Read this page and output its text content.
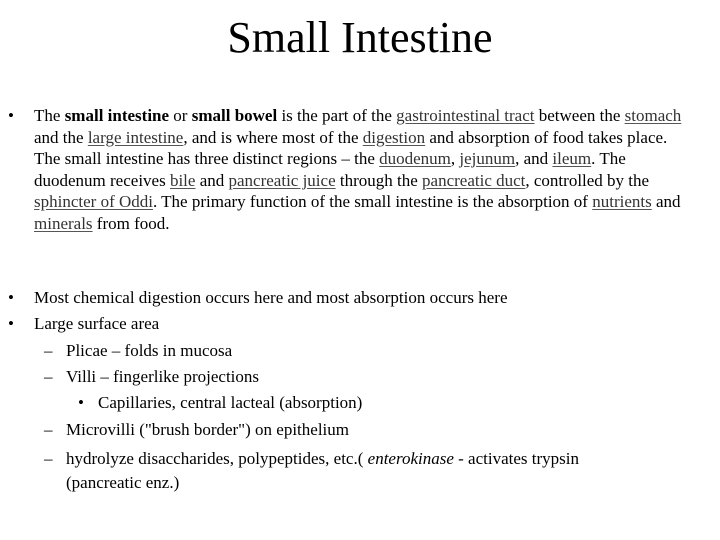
Small Intestine
• The small intestine or small bowel is the part of the gastrointestinal tract between the stomach and the large intestine, and is where most of the digestion and absorption of food takes place. The small intestine has three distinct regions – the duodenum, jejunum, and ileum. The duodenum receives bile and pancreatic juice through the pancreatic duct, controlled by the sphincter of Oddi. The primary function of the small intestine is the absorption of nutrients and minerals from food.
• Most chemical digestion occurs here and most absorption occurs here
• Large surface area
– Plicae – folds in mucosa
– Villi – fingerlike projections
• Capillaries, central lacteal (absorption)
– Microvilli ("brush border") on epithelium
– hydrolyze disaccharides, polypeptides, etc.( enterokinase - activates trypsin
(pancreatic enz.)
